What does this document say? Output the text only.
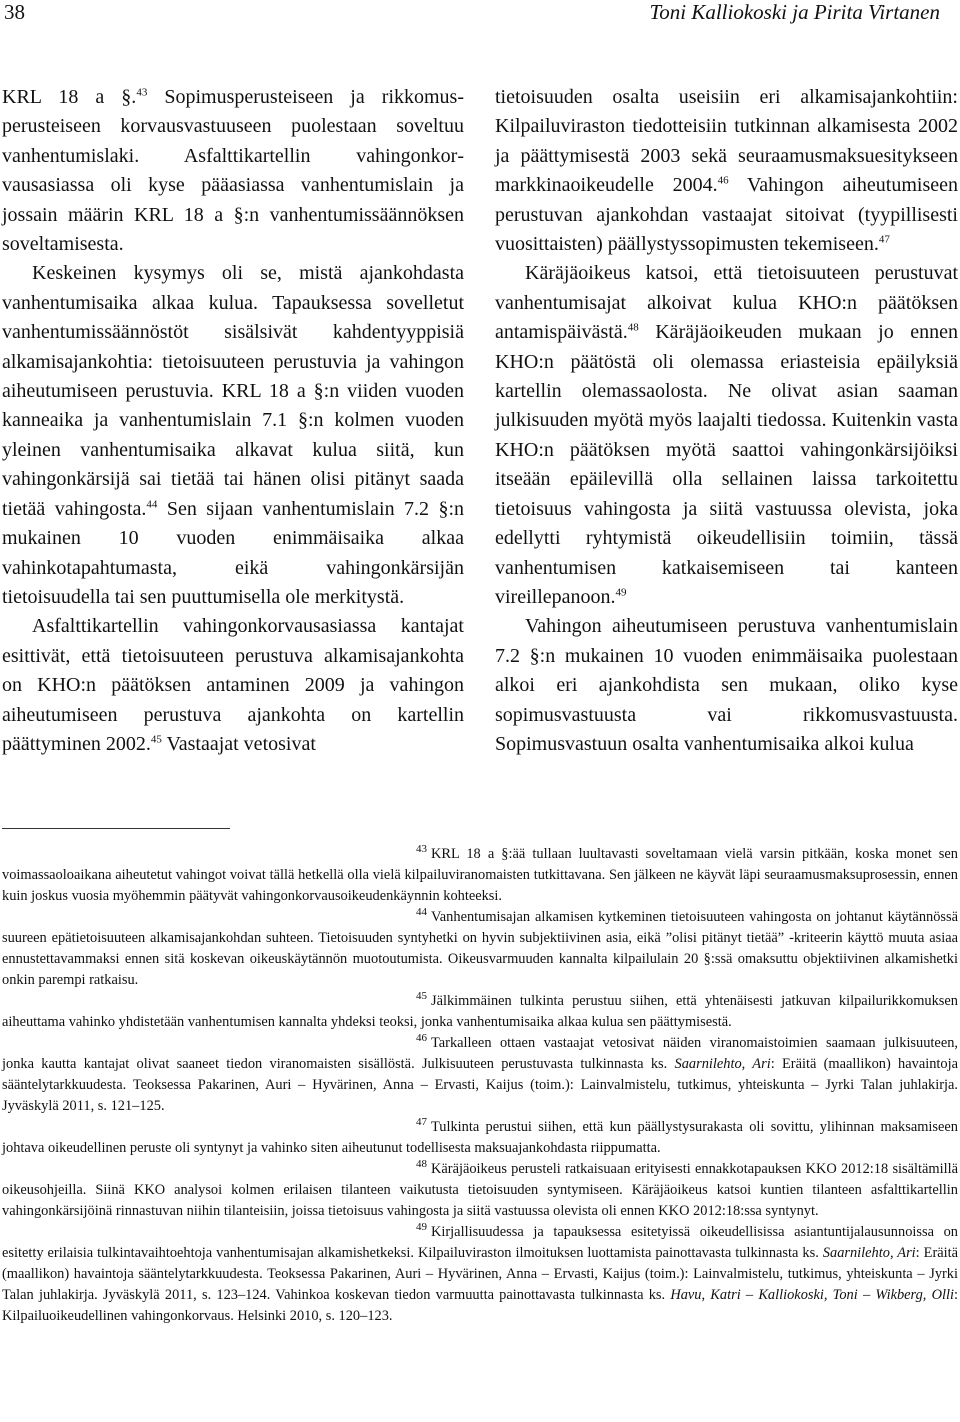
38	Toni Kalliokoski ja Pirita Virtanen

KRL 18 a §.$^{43}$ Sopimusperusteiseen ja rikkomusperusteiseen korvausvastuuseen puolestaan soveltuu vanhentumislaki. Asfalttikartellin vahingonkorvausasiassa oli kyse pääasiassa vanhentumislain ja jossain määrin KRL 18 a §:n vanhentumissäännöksen soveltamisesta.

Keskeinen kysymys oli se, mistä ajankohdasta vanhentumisaika alkaa kulua. Tapauksessa sovelletut vanhentumissäännöstöt sisälsivät kahdentyyppisiä alkamisajankohtia: tietoisuuteen perustuvia ja vahingon aiheutumiseen perustuvia. KRL 18 a §:n viiden vuoden kanneaika ja vanhentumislain 7.1 §:n kolmen vuoden yleinen vanhentumisaika alkavat kulua siitä, kun vahingonkärsijä sai tietää tai hänen olisi pitänyt saada tietää vahingosta.$^{44}$ Sen sijaan vanhentumislain 7.2 §:n mukainen 10 vuoden enimmäisaika alkaa vahinkotapahtumasta, eikä vahingonkärsijän tietoisuudella tai sen puuttumisella ole merkitystä.

Asfalttikartellin vahingonkorvausasiassa kantajat esittivät, että tietoisuuteen perustuva alkamisajankohta on KHO:n päätöksen antaminen 2009 ja vahingon aiheutumiseen perustuva ajankohta on kartellin päättyminen 2002.45 Vastaajat vetosivat

tietoisuuden osalta useisiin eri alkamisajankohtiin: Kilpailuviraston tiedotteisiin tutkinnan alkamisesta 2002 ja päättymisestä 2003 sekä seuraamusmaksuesitykseen markkinaoikeudelle 2004.46 Vahingon aiheutumiseen perustuvan ajankohdan vastaajat sitoivat (tyypillisesti vuosittaisten) päällystyssopimusten tekemiseen.$^{47}$

Käräjäoikeus katsoi, että tietoisuuteen perustuvat vanhentumisajat alkoivat kulua KHO:n päätöksen antamispäivästä.$^{48}$ Käräjäoikeuden mukaan jo ennen KHO:n päätöstä oli olemassa eriasteisia epäilyksiä kartellin olemassaolosta. Ne olivat asian saaman julkisuuden myötä myös laajalti tiedossa. Kuitenkin vasta KHO:n päätöksen myötä saattoi vahingonkärsijöiksi itseään epäilevillä olla sellainen laissa tarkoitettu tietoisuus vahingosta ja siitä vastuussa olevista, joka edellytti ryhtymistä oikeudellisiin toimiin, tässä vanhentumisen katkaisemiseen tai kanteen vireillepanoon.$^{49}$

Vahingon aiheutumiseen perustuva vanhentumislain 7.2 §:n mukainen 10 vuoden enimmäisaika puolestaan alkoi eri ajankohdista sen mukaan, oliko kyse sopimusvastuusta vai rikkomusvastuusta. Sopimusvastuun osalta vanhentumisaika alkoi kulua

$^{43}$ KRL 18 a §:ää tullaan luultavasti soveltamaan vielä varsin pitkään, koska monet sen voimassaoloaikana aiheutetut vahingot voivat tällä hetkellä olla vielä kilpailuviranomaisten tutkittavana. Sen jälkeen ne käyvät läpi seuraamusmaksuprosessin, ennen kuin joskus vuosia myöhemmin päätyvät vahingonkorvausoikeudenkäynnin kohteeksi.

$^{44}$ Vanhentumisajan alkamisen kytkeminen tietoisuuteen vahingosta on johtanut käytännössä suureen epätietoisuuteen alkamisajankohdan suhteen. Tietoisuuden syntyhetki on hyvin subjektiivinen asia, eikä ”olisi pitänyt tietää” -kriteerin käyttö muuta asiaa ennustettavammaksi ennen sitä koskevan oikeuskäytännön muotoutumista. Oikeusvarmuuden kannalta kilpailulain 20 §:ssä omaksuttu objektiivinen alkamishetki onkin parempi ratkaisu.

$^{45}$ Jälkimmäinen tulkinta perustuu siihen, että yhtenäisesti jatkuvan kilpailurikkomuksen aiheuttama vahinko yhdistetään vanhentumisen kannalta yhdeksi teoksi, jonka vanhentumisaika alkaa kulua sen päättymisestä.

$^{46}$ Tarkalleen ottaen vastaajat vetosivat näiden viranomaistoimien saamaan julkisuuteen, jonka kautta kantajat olivat saaneet tiedon viranomaisten sisällöstä. Julkisuuteen perustuvasta tulkinnasta ks. Saarnilehto, Ari: Eräitä (maallikon) havaintoja sääntelytarkkuudesta. Teoksessa Pakarinen, Auri – Hyvärinen, Anna – Ervasti, Kaijus (toim.): Lainvalmistelu, tutkimus, yhteiskunta – Jyrki Talan juhlakirja. Jyväskylä 2011, s. 121–125.

$^{47}$ Tulkinta perustui siihen, että kun päällystysurakasta oli sovittu, ylihinnan maksamiseen johtava oikeudellinen peruste oli syntynyt ja vahinko siten aiheutunut todellisesta maksuajankohdasta riippumatta.

$^{48}$ Käräjäoikeus perusteli ratkaisuaan erityisesti ennakkotapauksen KKO 2012:18 sisältämillä oikeusohjeilla. Siinä KKO analysoi kolmen erilaisen tilanteen vaikutusta tietoisuuden syntymiseen. Käräjäoikeus katsoi kuntien tilanteen asfalttikartellin vahingonkärsijöinä rinnastuvan niihin tilanteisiin, joissa tietoisuus vahingosta ja siitä vastuussa olevista oli ennen KKO 2012:18:ssa syntynyt.

$^{49}$ Kirjallisuudessa ja tapauksessa esitetyissä oikeudellisissa asiantuntijalausunnoissa on esitetty erilaisia tulkintavaihtoehtoja vanhentumisajan alkamishetkeksi. Kilpailuviraston ilmoituksen luottamista painottavasta tulkinnasta ks. Saarnilehto, Ari: Eräitä (maallikon) havaintoja sääntelytarkkuudesta. Teoksessa Pakarinen, Auri – Hyvärinen, Anna – Ervasti, Kaijus (toim.): Lainvalmistelu, tutkimus, yhteiskunta – Jyrki Talan juhlakirja. Jyväskylä 2011, s. 123–124. Vahinkoa koskevan tiedon varmuutta painottavasta tulkinnasta ks. Havu, Katri – Kalliokoski, Toni – Wikberg, Olli: Kilpailuoikeudellinen vahingonkorvaus. Helsinki 2010, s. 120–123.
